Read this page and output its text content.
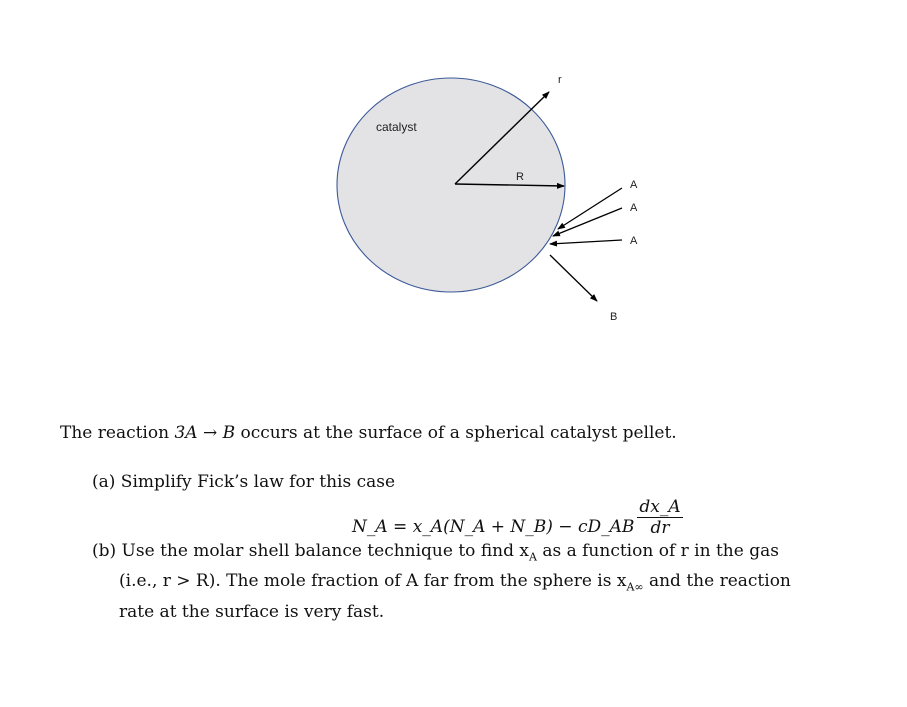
catalyst
r
R
A
A
A
B

The reaction 3A → B occurs at the surface of a spherical catalyst pellet.

(a) Simplify Fick’s law for this case

N_A = x_A(N_A + N_B) − cD_AB $\frac{dx\_A}{dr}$
(b) Use the molar shell balance technique to find $x_A$ as a function of r in the gas
(i.e., r > R). The mole fraction of A far from the sphere is $x_{A\infty}$ and the reaction
rate at the surface is very fast.
